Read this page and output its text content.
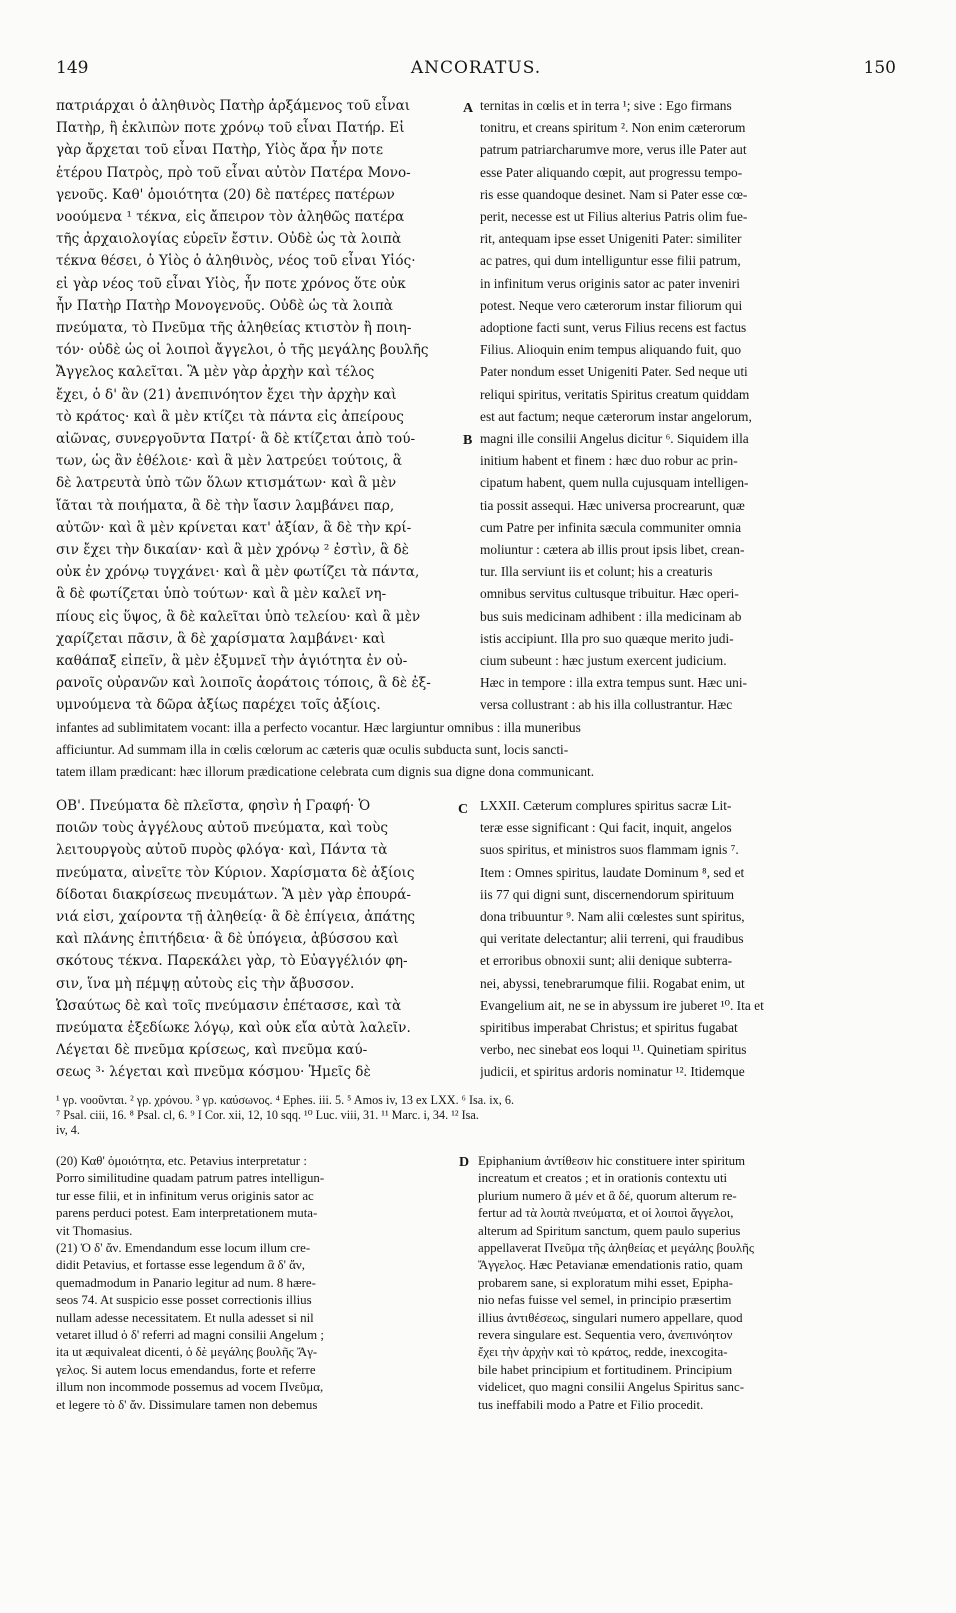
149	ANCORATUS.	150
πατριάρχαι ὁ ἀληθινὸς Πατὴρ ἀρξάμενος τοῦ εἶναι
Πατὴρ, ἢ ἐκλιπὼν ποτε χρόνῳ τοῦ εἶναι Πατήρ. Εἰ
γὰρ ἄρχεται τοῦ εἶναι Πατὴρ, Υἱὸς ἄρα ἦν ποτε
ἑτέρου Πατρὸς, πρὸ τοῦ εἶναι αὐτὸν Πατέρα Μονο-
γενοῦς. Καθ' ὁμοιότητα (20) δὲ πατέρες πατέρων
νοούμενα ¹ τέκνα, εἰς ἄπειρον τὸν ἀληθῶς πατέρα
τῆς ἀρχαιολογίας εὑρεῖν ἔστιν. Οὐδὲ ὡς τὰ λοιπὰ
τέκνα θέσει, ὁ Υἱὸς ὁ ἀληθινὸς, νέος τοῦ εἶναι Υἱός·
εἰ γὰρ νέος τοῦ εἶναι Υἱὸς, ἦν ποτε χρόνος ὅτε οὐκ
ἦν Πατὴρ Πατὴρ Μονογενοῦς. Οὐδὲ ὡς τὰ λοιπὰ
πνεύματα, τὸ Πνεῦμα τῆς ἀληθείας κτιστὸν ἢ ποιη-
τόν· οὐδὲ ὡς οἱ λοιποὶ ἄγγελοι, ὁ τῆς μεγάλης βουλῆς
Ἄγγελος καλεῖται. Ἃ μὲν γὰρ ἀρχὴν καὶ τέλος
ἔχει, ὁ δ' ἂν (21) ἀνεπινόητον ἔχει τὴν ἀρχὴν καὶ
τὸ κράτος· καὶ ἃ μὲν κτίζει τὰ πάντα εἰς ἀπείρους
αἰῶνας, συνεργοῦντα Πατρί· ἃ δὲ κτίζεται ἀπὸ τού-
των, ὡς ἂν ἐθέλοιε· καὶ ἃ μὲν λατρεύει τούτοις, ἃ
δὲ λατρευτὰ ὑπὸ τῶν ὅλων κτισμάτων· καὶ ἃ μὲν
ἴᾶται τὰ ποιήματα, ἃ δὲ τὴν ἴασιν λαμβάνει παρ,
αὐτῶν· καὶ ἃ μὲν κρίνεται κατ' ἀξίαν, ἃ δὲ τὴν κρί-
σιν ἔχει τὴν δικαίαν· καὶ ἃ μὲν χρόνῳ ² ἐστὶν, ἃ δὲ
οὐκ ἐν χρόνῳ τυγχάνει· καὶ ἃ μὲν φωτίζει τὰ πάντα,
ἃ δὲ φωτίζεται ὑπὸ τούτων· καὶ ἃ μὲν καλεῖ νη-
πίους εἰς ὕψος, ἃ δὲ καλεῖται ὑπὸ τελείου· καὶ ἃ μὲν
χαρίζεται πᾶσιν, ἃ δὲ χαρίσματα λαμβάνει· καὶ
καθάπαξ εἰπεῖν, ἃ μὲν ἐξυμνεῖ τὴν ἁγιότητα ἐν οὐ-
ρανοῖς οὐρανῶν καὶ λοιποῖς ἀοράτοις τόποις, ἃ δὲ ἐξ-
υμνούμενα τὰ δῶρα ἀξίως παρέχει τοῖς ἀξίοις.
A
B
ternitas in cœlis et in terra ¹; sive : Ego firmans
tonitru, et creans spiritum ². Non enim cæterorum
patrum patriarcharumve more, verus ille Pater aut
esse Pater aliquando cœpit, aut progressu tempo-
ris esse quandoque desinet. Nam si Pater esse cœ-
perit, necesse est ut Filius alterius Patris olim fue-
rit, antequam ipse esset Unigeniti Pater: similiter
ac patres, qui dum intelliguntur esse filii patrum,
in infinitum verus originis sator ac pater inveniri
potest. Neque vero cæterorum instar filiorum qui
adoptione facti sunt, verus Filius recens est factus
Filius. Alioquin enim tempus aliquando fuit, quo
Pater nondum esset Unigeniti Pater. Sed neque uti
reliqui spiritus, veritatis Spiritus creatum quiddam
est aut factum; neque cæterorum instar angelorum,
magni ille consilii Angelus dicitur ⁶. Siquidem illa
initium habent et finem : hæc duo robur ac prin-
cipatum habent, quem nulla cujusquam intelligen-
tia possit assequi. Hæc universa procrearunt, quæ
cum Patre per infinita sæcula communiter omnia
moliuntur : cætera ab illis prout ipsis libet, crean-
tur. Illa serviunt iis et colunt; his a creaturis
omnibus servitus cultusque tribuitur. Hæc operi-
bus suis medicinam adhibent : illa medicinam ab
istis accipiunt. Illa pro suo quæque merito judi-
cium subeunt : hæc justum exercent judicium.
Hæc in tempore : illa extra tempus sunt. Hæc uni-
versa collustrant : ab his illa collustrantur. Hæc
infantes ad sublimitatem vocant: illa a perfecto vocantur. Hæc largiuntur omnibus : illa muneribus
afficiuntur. Ad summam illa in cœlis cœlorum ac cæteris quæ oculis subducta sunt, locis sancti-
tatem illam prædicant: hæc illorum prædicatione celebrata cum dignis sua digne dona communicant.
ΟΒ'. Πνεύματα δὲ πλεῖστα, φησὶν ἡ Γραφή· Ὁ
ποιῶν τοὺς ἀγγέλους αὐτοῦ πνεύματα, καὶ τοὺς
λειτουργοὺς αὐτοῦ πυρὸς φλόγα· καὶ, Πάντα τὰ
πνεύματα, αἰνεῖτε τὸν Κύριον. Χαρίσματα δὲ ἀξίοις
δίδοται διακρίσεως πνευμάτων. Ἃ μὲν γὰρ ἐπουρά-
νιά εἰσι, χαίροντα τῇ ἀληθείᾳ· ἃ δὲ ἐπίγεια, ἀπάτης
καὶ πλάνης ἐπιτήδεια· ἃ δὲ ὑπόγεια, ἀβύσσου καὶ
σκότους τέκνα. Παρεκάλει γὰρ, τὸ Εὐαγγέλιόν φη-
σιν, ἵνα μὴ πέμψῃ αὐτοὺς εἰς τὴν ἄβυσσον.
Ὡσαύτως δὲ καὶ τοῖς πνεύμασιν ἐπέτασσε, καὶ τὰ
πνεύματα ἐξεδίωκε λόγῳ, καὶ οὐκ εἴα αὐτὰ λαλεῖν.
Λέγεται δὲ πνεῦμα κρίσεως, καὶ πνεῦμα καύ-
σεως ³· λέγεται καὶ πνεῦμα κόσμου· Ἡμεῖς δὲ
C LXXII. Cæterum complures spiritus sacræ Lit-
teræ esse significant : Qui facit, inquit, angelos
suos spiritus, et ministros suos flammam ignis ⁷.
Item : Omnes spiritus, laudate Dominum ⁸, sed et
iis 77 qui digni sunt, discernendorum spirituum
dona tribuuntur ⁹. Nam alii cœlestes sunt spiritus,
qui veritate delectantur; alii terreni, qui fraudibus
et erroribus obnoxii sunt; alii denique subterra-
nei, abyssi, tenebrarumque filii. Rogabat enim, ut
Evangelium ait, ne se in abyssum ire juberet ¹⁰. Ita et
spiritibus imperabat Christus; et spiritus fugabat
verbo, nec sinebat eos loqui ¹¹. Quinetiam spiritus
judicii, et spiritus ardoris nominatur ¹². Itidemque
¹ γρ. νοοῦνται. ² γρ. χρόνου. ³ γρ. καύσωνος. ⁴ Ephes. iii. 5. ⁵ Amos iv, 13 ex LXX. ⁶ Isa. ix, 6.
⁷ Psal. ciii, 16. ⁸ Psal. cl, 6. ⁹ I Cor. xii, 12, 10 sqq. ¹⁰ Luc. viii, 31. ¹¹ Marc. i, 34. ¹² Isa.
iv, 4.
(20) Καθ' ὁμοιότητα, etc. Petavius interpretatur :
Porro similitudine quadam patrum patres intelligun-
tur esse filii, et in infinitum verus originis sator ac
parens perduci potest. Eam interpretationem muta-
vit Thomasius.
(21) Ὁ δ' ἄν. Emendandum esse locum illum cre-
didit Petavius, et fortasse esse legendum ἃ δ' ἄν,
quemadmodum in Panario legitur ad num. 8 hære-
seos 74. At suspicio esse posset correctionis illius
nullam adesse necessitatem. Et nulla adesset si nil
vetaret illud ὁ δ' referri ad magni consilii Angelum ;
ita ut æquivaleat dicenti, ὁ δὲ μεγάλης βουλῆς Ἄγ-
γελος. Si autem locus emendandus, forte et referre
illum non incommode possemus ad vocem Πνεῦμα,
et legere τὸ δ' ἄν. Dissimulare tamen non debemus
D Epiphanium ἀντίθεσιν hic constituere inter spiritum
increatum et creatos ; et in orationis contextu uti
plurium numero ἃ μέν et ἃ δέ, quorum alterum re-
fertur ad τὰ λοιπὰ πνεύματα, et οἱ λοιποὶ ἄγγελοι,
alterum ad Spiritum sanctum, quem paulo superius
appellaverat Πνεῦμα τῆς ἀληθείας et μεγάλης βουλῆς
Ἄγγελος. Hæc Petavianæ emendationis ratio, quam
probarem sane, si exploratum mihi esset, Epipha-
nio nefas fuisse vel semel, in principio præsertim
illius ἀντιθέσεως, singulari numero appellare, quod
revera singulare est. Sequentia vero, ἀνεπινόητον
ἔχει τὴν ἀρχὴν καὶ τὸ κράτος, redde, inexcogita-
bile habet principium et fortitudinem. Principium
videlicet, quo magni consilii Angelus Spiritus sanc-
tus ineffabili modo a Patre et Filio procedit.
